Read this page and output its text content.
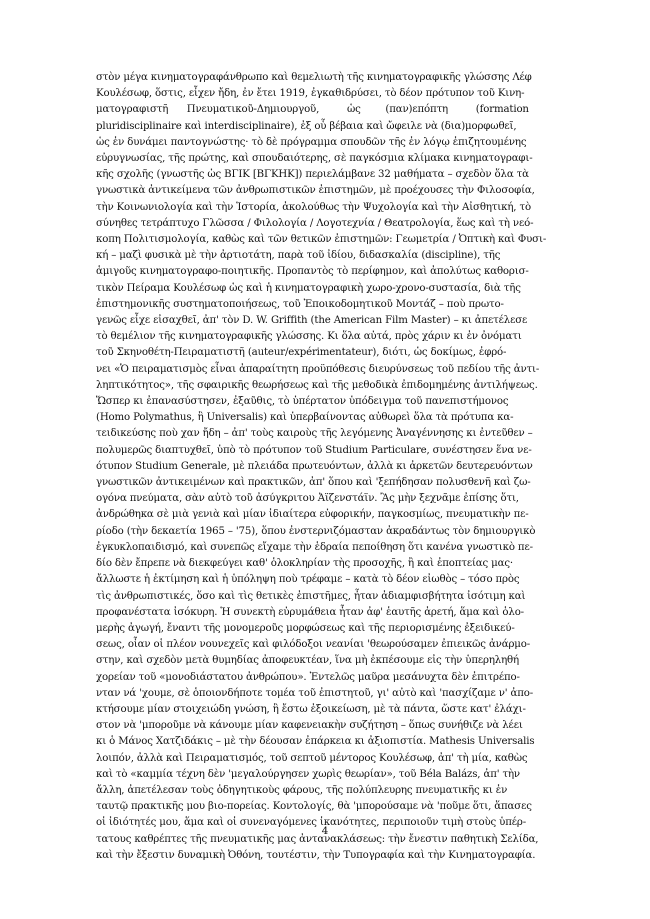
στὸν μέγα κινηματογραφάνθρωπο καὶ θεμελιωτὴ τῆς κινηματογραφικῆς γλώσσης Λέφ
Κουλέσωφ, ὅστις, εἶχεν ἤδη, ἐν ἔτει 1919, ἐγκαθιδρύσει, τὸ δέον πρότυπον τοῦ Κινη-
ματογραφιστῆ      Πνευματικοῦ-Δημιουργοῦ,         ὡς        (παν)επόπτη         (formation
pluridisciplinaire καὶ interdisciplinaire), ἐξ οὗ βέβαια καὶ ὤφειλε νὰ (δια)μορφωθεῖ,
ὡς ἐν δυνάμει παντογνώστης· τὸ δὲ πρόγραμμα σπουδῶν τῆς ἐν λόγῳ ἐπιζητουμένης
εὐρυγνωσίας, τῆς πρώτης, καὶ σπουδαιότερης, σὲ παγκόσμια κλίμακα κινηματογραφι-
κῆς σχολῆς (γνωστῆς ὡς ΒΓΙΚ [ΒΓΚΗΚ]) περιελάμβανε 32 μαθήματα – σχεδὸν ὅλα τὰ
γνωστικὰ ἀντικείμενα τῶν ἀνθρωπιστικῶν ἐπιστημῶν, μὲ προέχουσες τὴν Φιλοσοφία,
τὴν Κοινωνιολογία καὶ τὴν Ἱστορία, ἀκολούθως τὴν Ψυχολογία καὶ τὴν Αἰσθητική, τὸ
σύνηθες τετράπτυχο Γλῶσσα / Φιλολογία / Λογοτεχνία / Θεατρολογία, ἕως καὶ τὴ νεό-
κοπη Πολιτισμολογία, καθὼς καὶ τῶν θετικῶν ἐπιστημῶν: Γεωμετρία / Ὀπτικὴ καὶ Φυσι-
κή – μαζὶ φυσικὰ μὲ τὴν ἀρτιοτάτη, παρὰ τοῦ ἰδίου, διδασκαλία (discipline), τῆς
ἁμιγοῦς κινηματογραφο-ποιητικῆς. Προπαντὸς τὸ περίφημον, καὶ ἀπολύτως καθορισ-
τικὸν Πείραμα Κουλέσωφ ὡς καὶ ἡ κινηματογραφικὴ χωρο-χρονο-συστασία, διὰ τῆς
ἐπιστημονικῆς συστηματοποιήσεως, τοῦ Ἐποικοδομητικοῦ Μοντάζ – ποὺ πρωτο-
γενῶς εἶχε εἰσαχθεῖ, ἀπ' τὸν D. W. Griffith (the American Film Master) – κι ἀπετέλεσε
τὸ θεμέλιον τῆς κινηματογραφικῆς γλώσσης. Κι ὅλα αὐτά, πρὸς χάριν κι ἐν ὀνόματι
τοῦ Σκηνοθέτη-Πειραματιστῆ (auteur/expérimentateur), διότι, ὡς δοκίμως, ἐφρό-
νει «Ὁ πειραματισμὸς εἶναι ἀπαραίτητη προϋπόθεσις διευρύνσεως τοῦ πεδίου τῆς ἀντι-
ληπτικότητος», τῆς σφαιρικῆς θεωρήσεως καὶ τῆς μεθοδικὰ ἐπιδομημένης ἀντιλήψεως.
Ὥσπερ κι ἐπανασύστησεν, ἐξαῦθις, τὸ ὑπέρτατον ὑπόδειγμα τοῦ πανεπιστήμονος
(Homo Polymathus, ἢ Universalis) καὶ ὑπερβαίνοντας αὐθωρεὶ ὅλα τὰ πρότυπα κα-
τειδικεύσης ποὺ χαν ἤδη – ἀπ' τοὺς καιροὺς τῆς λεγόμενης Ἀναγέννησης κι ἐντεῦθεν –
πολυμερῶς διαπτυχθεῖ, ὑπὸ τὸ πρότυπον τοῦ Studium Particulare, συνέστησεν ἕνα νε-
ότυπον Studium Generale, μὲ πλειάδα πρωτευόντων, ἀλλὰ κι ἀρκετῶν δευτερευόντων
γνωστικῶν ἀντικειμένων καὶ πρακτικῶν, ἀπ' ὅπου καὶ 'ξεπήδησαν πολυσθενῆ καὶ ζω-
ογόνα πνεύματα, σὰν αὐτὸ τοῦ ἀσύγκριτου Ἀϊζενστάϊν. Ἂς μὴν ξεχνᾶμε ἐπίσης ὅτι,
ἀνδρώθηκα σὲ μιὰ γενιὰ καὶ μίαν ἰδιαίτερα εὐφορικήν, παγκοσμίως, πνευματικὴν πε-
ρίοδο (τὴν δεκαετία 1965 – '75), ὅπου ἐνστερνιζόμασταν ἀκραδάντως τὸν δημιουργικὸ
ἐγκυκλοπαιδισμό, καὶ συνεπῶς εἴχαμε τὴν ἑδραία πεποίθηση ὅτι κανένα γνωστικὸ πε-
δίο δὲν ἔπρεπε νὰ διεκφεύγει καθ' ὁλοκληρίαν τὴς προσοχῆς, ἢ καὶ ἐποπτείας μας·
ἄλλωστε ἡ ἐκτίμηση καὶ ἡ ὑπόληψη ποὺ τρέφαμε – κατὰ τὸ δέον εἰωθὸς – τόσο πρὸς
τὶς ἀνθρωπιστικές, ὅσο καὶ τὶς θετικὲς ἐπιστῆμες, ἦταν ἀδιαμφισβήτητα ἰσότιμη καὶ
προφανέστατα ἰσόκυρη. Ἡ συνεκτὴ εὐρυμάθεια ἦταν ἀφ' ἑαυτῆς ἀρετή, ἅμα καὶ ὁλο-
μερὴς ἀγωγή, ἔναντι τῆς μονομεροῦς μορφώσεως καὶ τῆς περιορισμένης ἐξειδικεύ-
σεως, οἷαν οἱ πλέον νουνεχεῖς καὶ φιλόδοξοι νεανίαι 'θεωρούσαμεν ἐπιεικῶς ἀνάρμο-
στην, καὶ σχεδὸν μετὰ θυμηδίας ἀποφευκτέαν, ἵνα μὴ ἐκπέσουμε εἰς τὴν ὑπερηληθή
χορείαν τοῦ «μονοδιάστατου ἀνθρώπου». Ἐντελῶς μαῦρα μεσάνυχτα δὲν ἐπιτρέπο-
νταν νά 'χουμε, σὲ ὁποιονδήποτε τομέα τοῦ ἐπιστητοῦ, γι' αὐτὸ καὶ 'πασχίζαμε ν' ἀπο-
κτήσουμε μίαν στοιχειώδη γνώση, ἢ ἔστω ἐξοικείωση, μὲ τὰ πάντα, ὥστε κατ' ἐλάχι-
στον νὰ 'μποροῦμε νὰ κάνουμε μίαν καφενειακὴν συζήτηση – ὅπως συνήθιζε νὰ λέει
κι ὁ Μάνος Χατζιδάκις – μὲ τὴν δέουσαν ἐπάρκεια κι ἀξιοπιστία. Mathesis Universalis
λοιπόν, ἀλλὰ καὶ Πειραματισμός, τοῦ σεπτοῦ μέντορος Κουλέσωφ, ἀπ' τὴ μία, καθὼς
καὶ τὸ «καμμία τέχνη δὲν 'μεγαλούργησεν χωρὶς θεωρίαν», τοῦ Béla Balázs, ἀπ' τὴν
ἄλλη, ἀπετέλεσαν τοὺς ὁδηγητικοὺς φάρους, τῆς πολύπλευρης πνευματικῆς κι ἐν
ταυτῷ πρακτικῆς μου βιο-πορείας. Κοντολογίς, θὰ 'μπορούσαμε νὰ 'ποῦμε ὅτι, ἅπασες
οἱ ἰδιότητές μου, ἅμα καὶ οἱ συνεναγόμενες ἱκανότητες, περιποιοῦν τιμὴ στοὺς ὑπέρ-
τατους καθρέπτες τῆς πνευματικῆς μας ἀντανακλάσεως: τὴν ἔνεστιν παθητικὴ Σελίδα,
καὶ τὴν ἔξεστιν δυναμικὴ Ὀθόνη, τουτέστιν, τὴν Τυπογραφία καὶ τὴν Κινηματογραφία.
4
